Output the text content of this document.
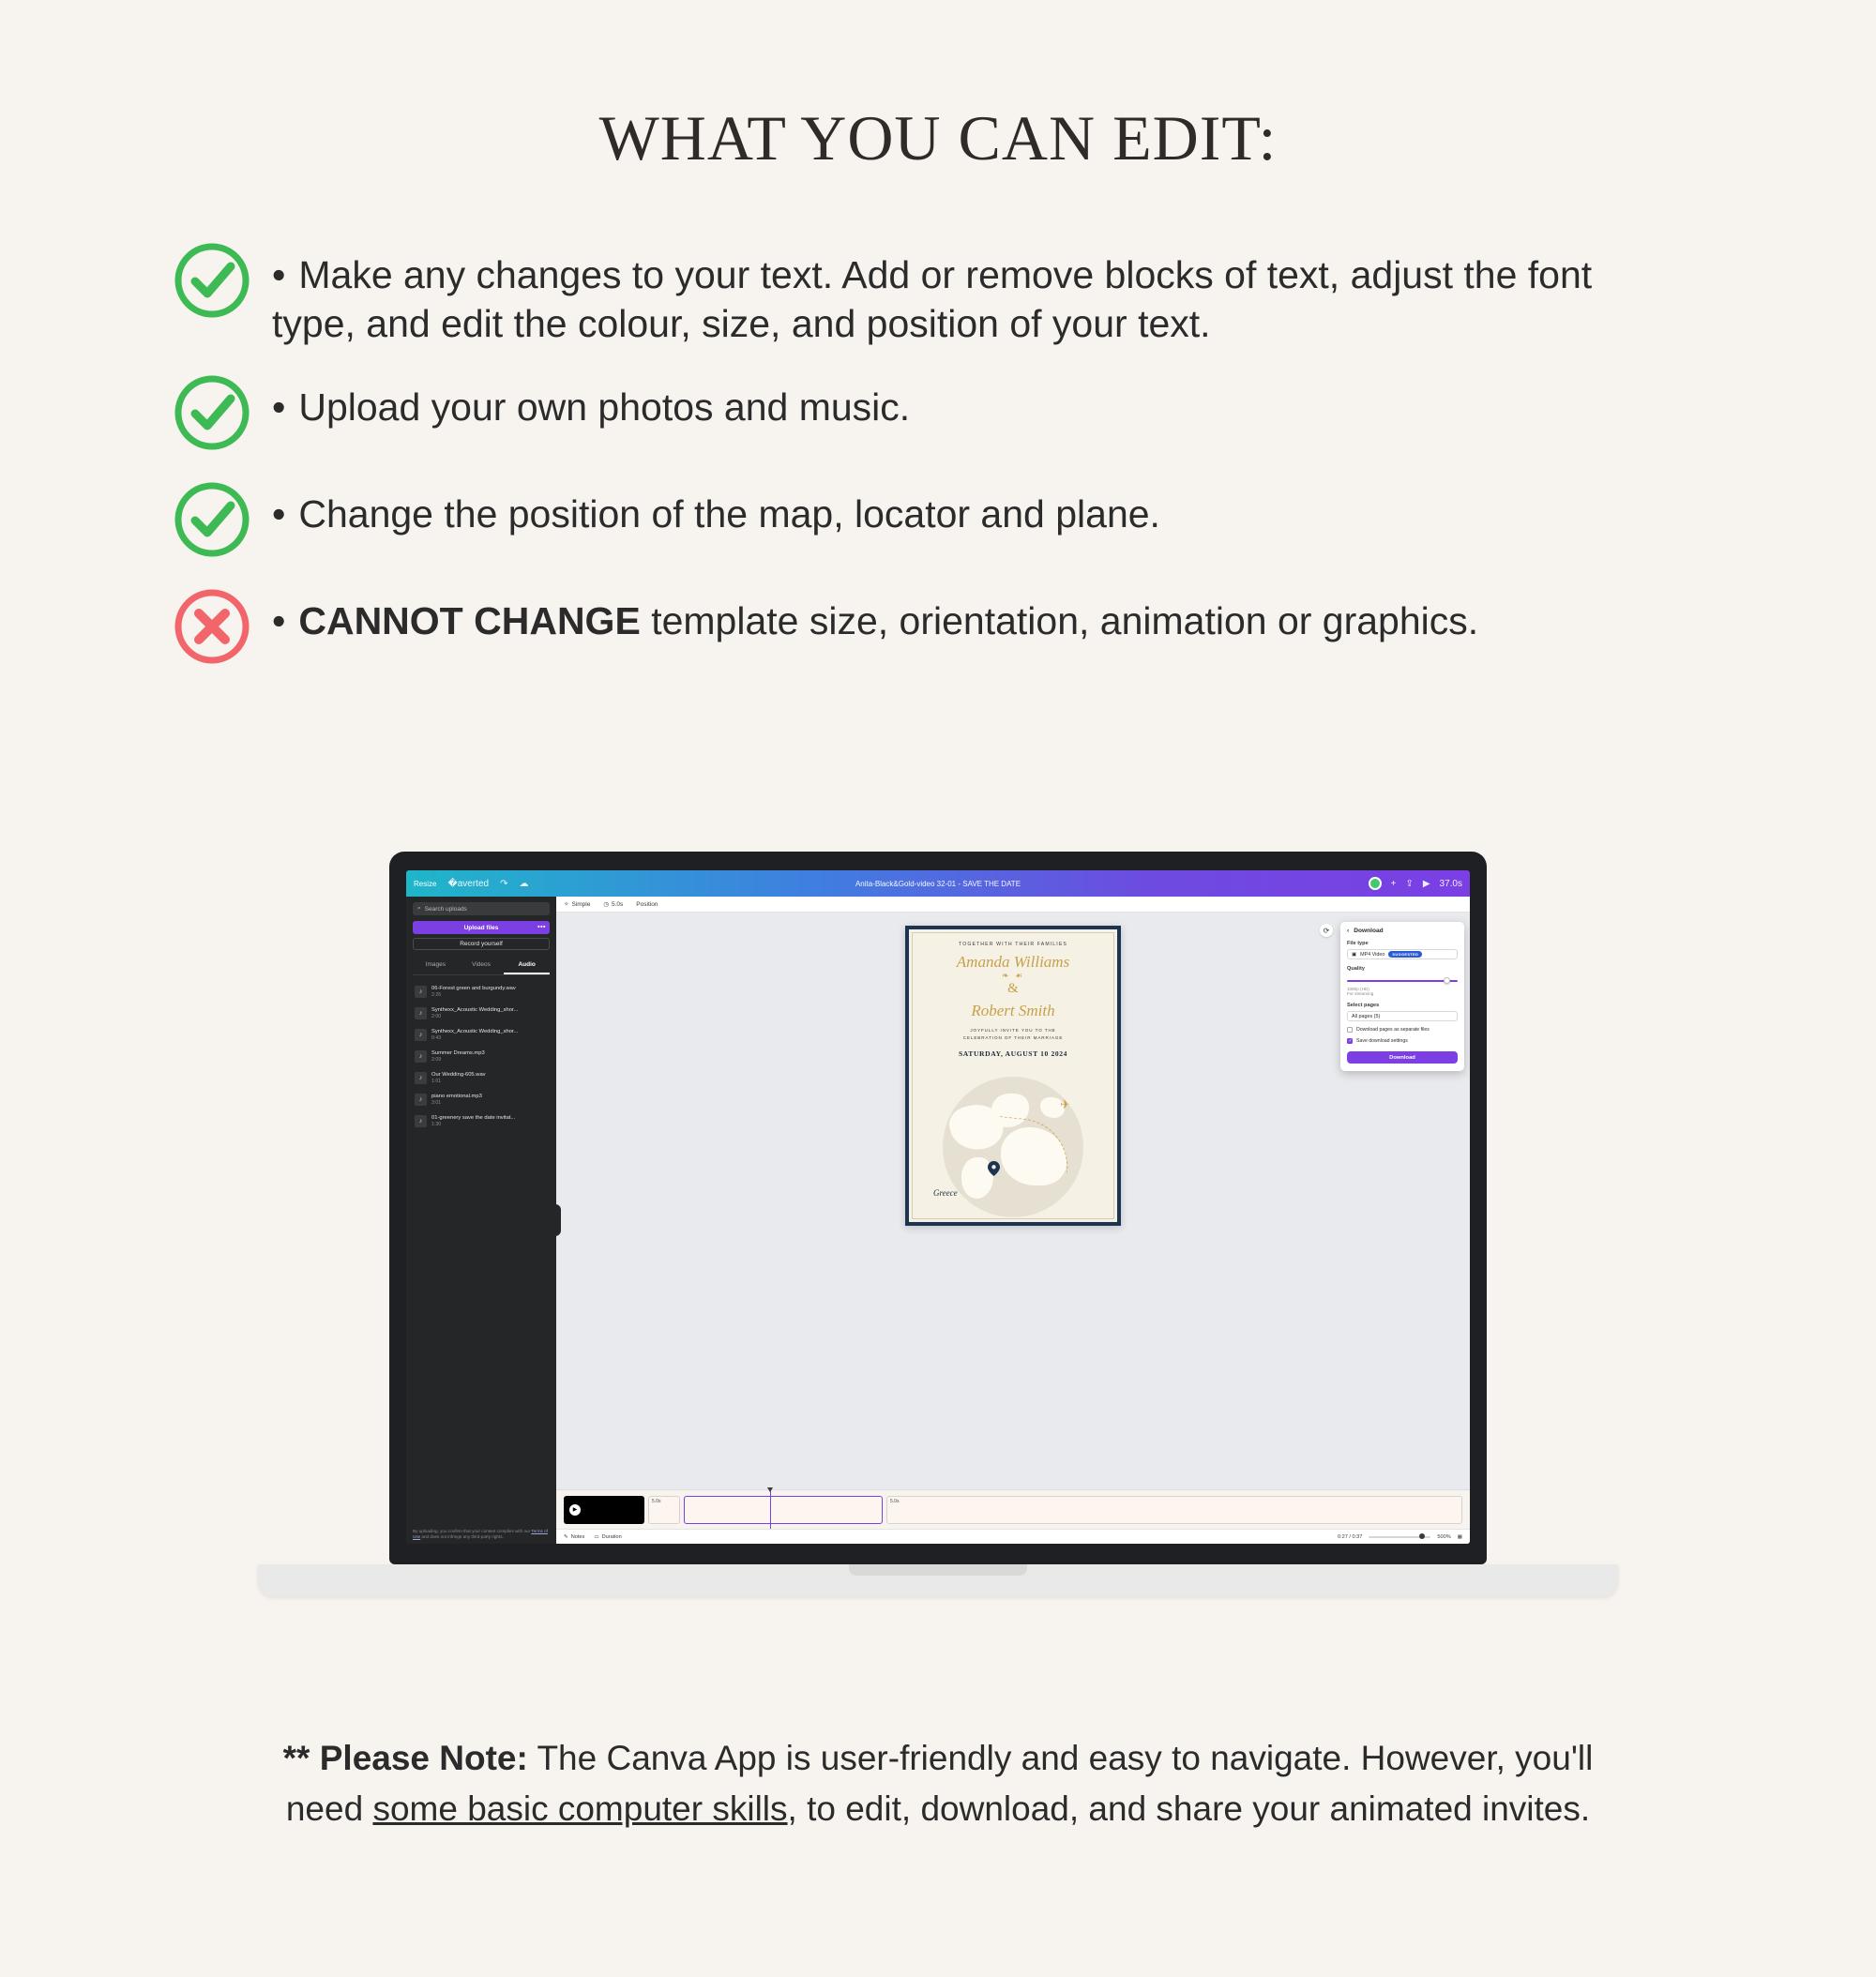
WHAT YOU CAN EDIT:
• Make any changes to your text. Add or remove blocks of text, adjust the font type, and edit the colour, size, and position of your text.
• Upload your own photos and music.
• Change the position of the map, locator and plane.
• CANNOT CHANGE template size, orientation, animation or graphics.
Resize �averted ↷ ☁	Anita-Black&Gold-video 32-01 - SAVE THE DATE	+ ⇪ ▶ 37.0s
⌕ Search uploads
Upload files	•••
Record yourself
Images	Videos	Audio
♪	06-Forest green and burgundy.wav
2:26
♪	Synthexx_Acoustic Wedding_shor...
2:00
♪	Synthexx_Acoustic Wedding_shor...
0:43
♪	Summer Dreams.mp3
2:09
♪	Our Wedding-605.wav
1:01
♪	piano emotional.mp3
3:01
♪	01-greenery save the date invitat...
1:30
By uploading, you confirm that your content complies with our Terms of Use and does not infringe any third-party rights.
✧ Simple ◷ 5.0s Position
⟳
TOGETHER WITH THEIR FAMILIES
Amanda Williams
❧ ☙
&
Robert Smith
JOYFULLY INVITE YOU TO THE
CELEBRATION OF THEIR MARRIAGE
SATURDAY, AUGUST 10 2024
✈
Greece
‹ Download
File type
▣ MP4 Video	SUGGESTED
Quality
1080p (HD)
For streaming
Select pages
All pages (5)
Download pages as separate files
✓
Save download settings
Download
▶
5.0s	5.0s
✎ Notes ▭ Duration	0:27 / 0:37	500% ▦
** Please Note: The Canva App is user-friendly and easy to navigate. However, you'll
need some basic computer skills, to edit, download, and share your animated invites.
